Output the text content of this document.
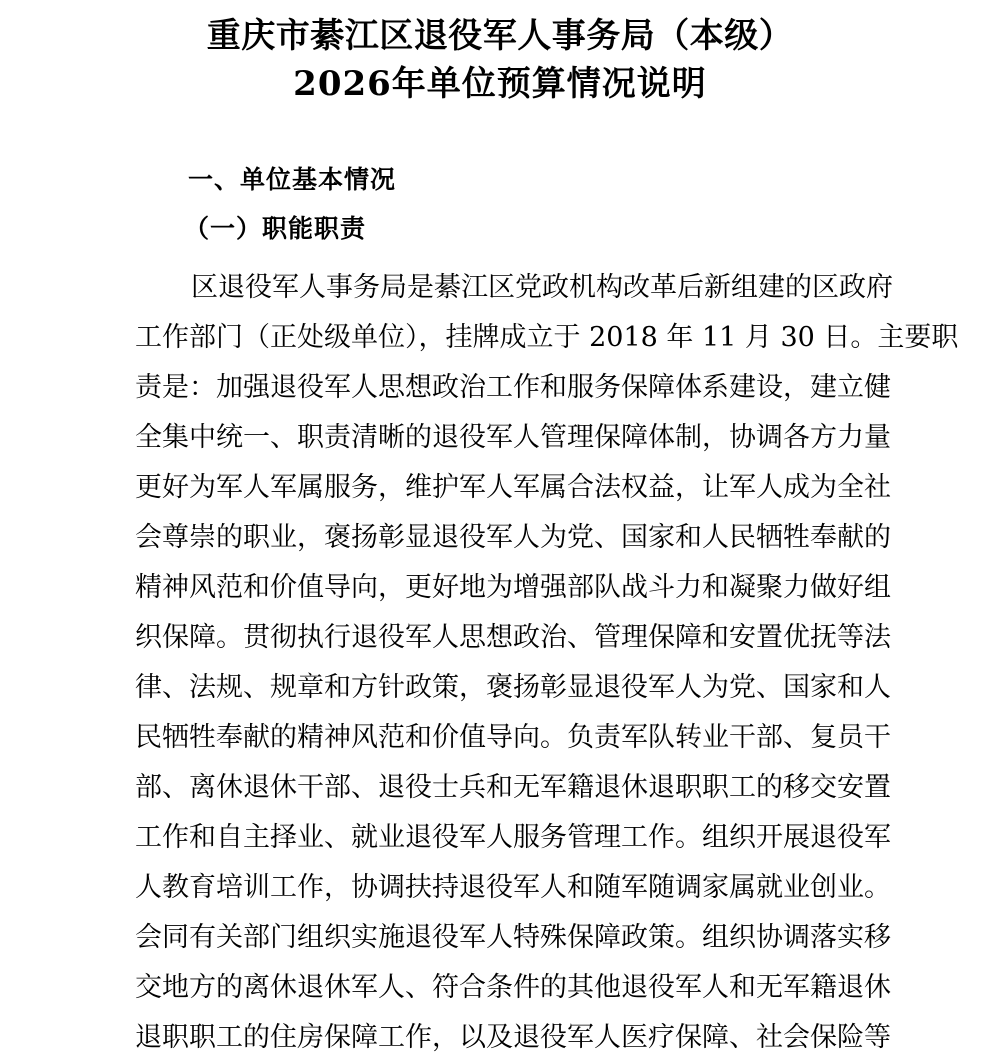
重庆市綦江区退役军人事务局（本级）
2026年单位预算情况说明
一、单位基本情况
（一）职能职责
区退役军人事务局是綦江区党政机构改革后新组建的区政府
工作部门（正处级单位），挂牌成立于 2018 年 11 月 30 日。主要职
责是：加强退役军人思想政治工作和服务保障体系建设，建立健
全集中统一、职责清晰的退役军人管理保障体制，协调各方力量
更好为军人军属服务，维护军人军属合法权益，让军人成为全社
会尊崇的职业，褒扬彰显退役军人为党、国家和人民牺牲奉献的
精神风范和价值导向，更好地为增强部队战斗力和凝聚力做好组
织保障。贯彻执行退役军人思想政治、管理保障和安置优抚等法
律、法规、规章和方针政策，褒扬彰显退役军人为党、国家和人
民牺牲奉献的精神风范和价值导向。负责军队转业干部、复员干
部、离休退休干部、退役士兵和无军籍退休退职职工的移交安置
工作和自主择业、就业退役军人服务管理工作。组织开展退役军
人教育培训工作，协调扶持退役军人和随军随调家属就业创业。
会同有关部门组织实施退役军人特殊保障政策。组织协调落实移
交地方的离休退休军人、符合条件的其他退役军人和无军籍退休
退职职工的住房保障工作，以及退役军人医疗保障、社会保险等
